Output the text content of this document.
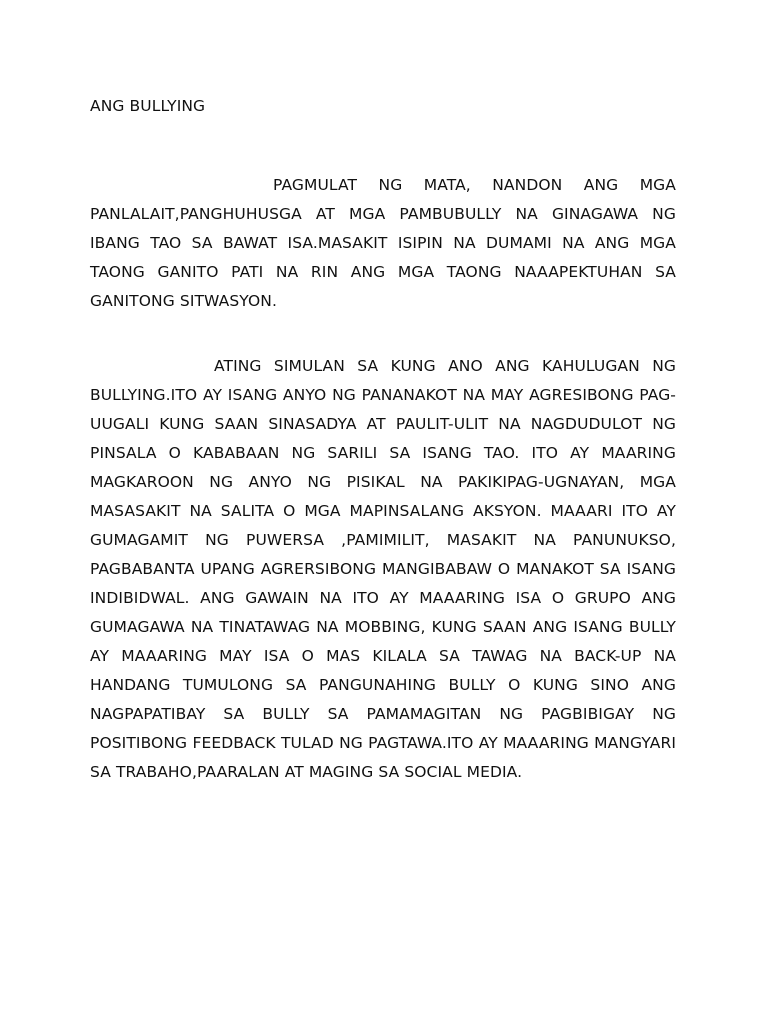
ANG BULLYING

PAGMULAT NG MATA, NANDON ANG MGA PANLALAIT,PANGHUHUSGA AT MGA PAMBUBULLY NA GINAGAWA NG IBANG TAO SA BAWAT ISA.MASAKIT ISIPIN NA DUMAMI NA ANG MGA TAONG GANITO PATI NA RIN ANG MGA TAONG NAAAPEKTUHAN SA GANITONG SITWASYON.

ATING SIMULAN SA KUNG ANO ANG KAHULUGAN NG BULLYING.ITO AY ISANG ANYO NG PANANAKOT NA MAY AGRESIBONG PAG-UUGALI KUNG SAAN SINASADYA AT PAULIT-ULIT NA NAGDUDULOT NG PINSALA O KABABAAN NG SARILI SA ISANG TAO. ITO AY MAARING MAGKAROON NG ANYO NG PISIKAL NA PAKIKIPAG-UGNAYAN, MGA MASASAKIT NA SALITA O MGA MAPINSALANG AKSYON. MAAARI ITO AY GUMAGAMIT NG PUWERSA ,PAMIMILIT, MASAKIT NA PANUNUKSO, PAGBABANTA UPANG AGRERSIBONG MANGIBABAW O MANAKOT SA ISANG INDIBIDWAL. ANG GAWAIN NA ITO AY MAAARING ISA O GRUPO ANG GUMAGAWA NA TINATAWAG NA MOBBING, KUNG SAAN ANG ISANG BULLY AY MAAARING MAY ISA O MAS KILALA SA TAWAG NA BACK-UP NA HANDANG TUMULONG SA PANGUNAHING BULLY O KUNG SINO ANG NAGPAPATIBAY SA BULLY SA PAMAMAGITAN NG PAGBIBIGAY NG POSITIBONG FEEDBACK TULAD NG PAGTAWA.ITO AY MAAARING MANGYARI SA TRABAHO,PAARALAN AT MAGING SA SOCIAL MEDIA.
